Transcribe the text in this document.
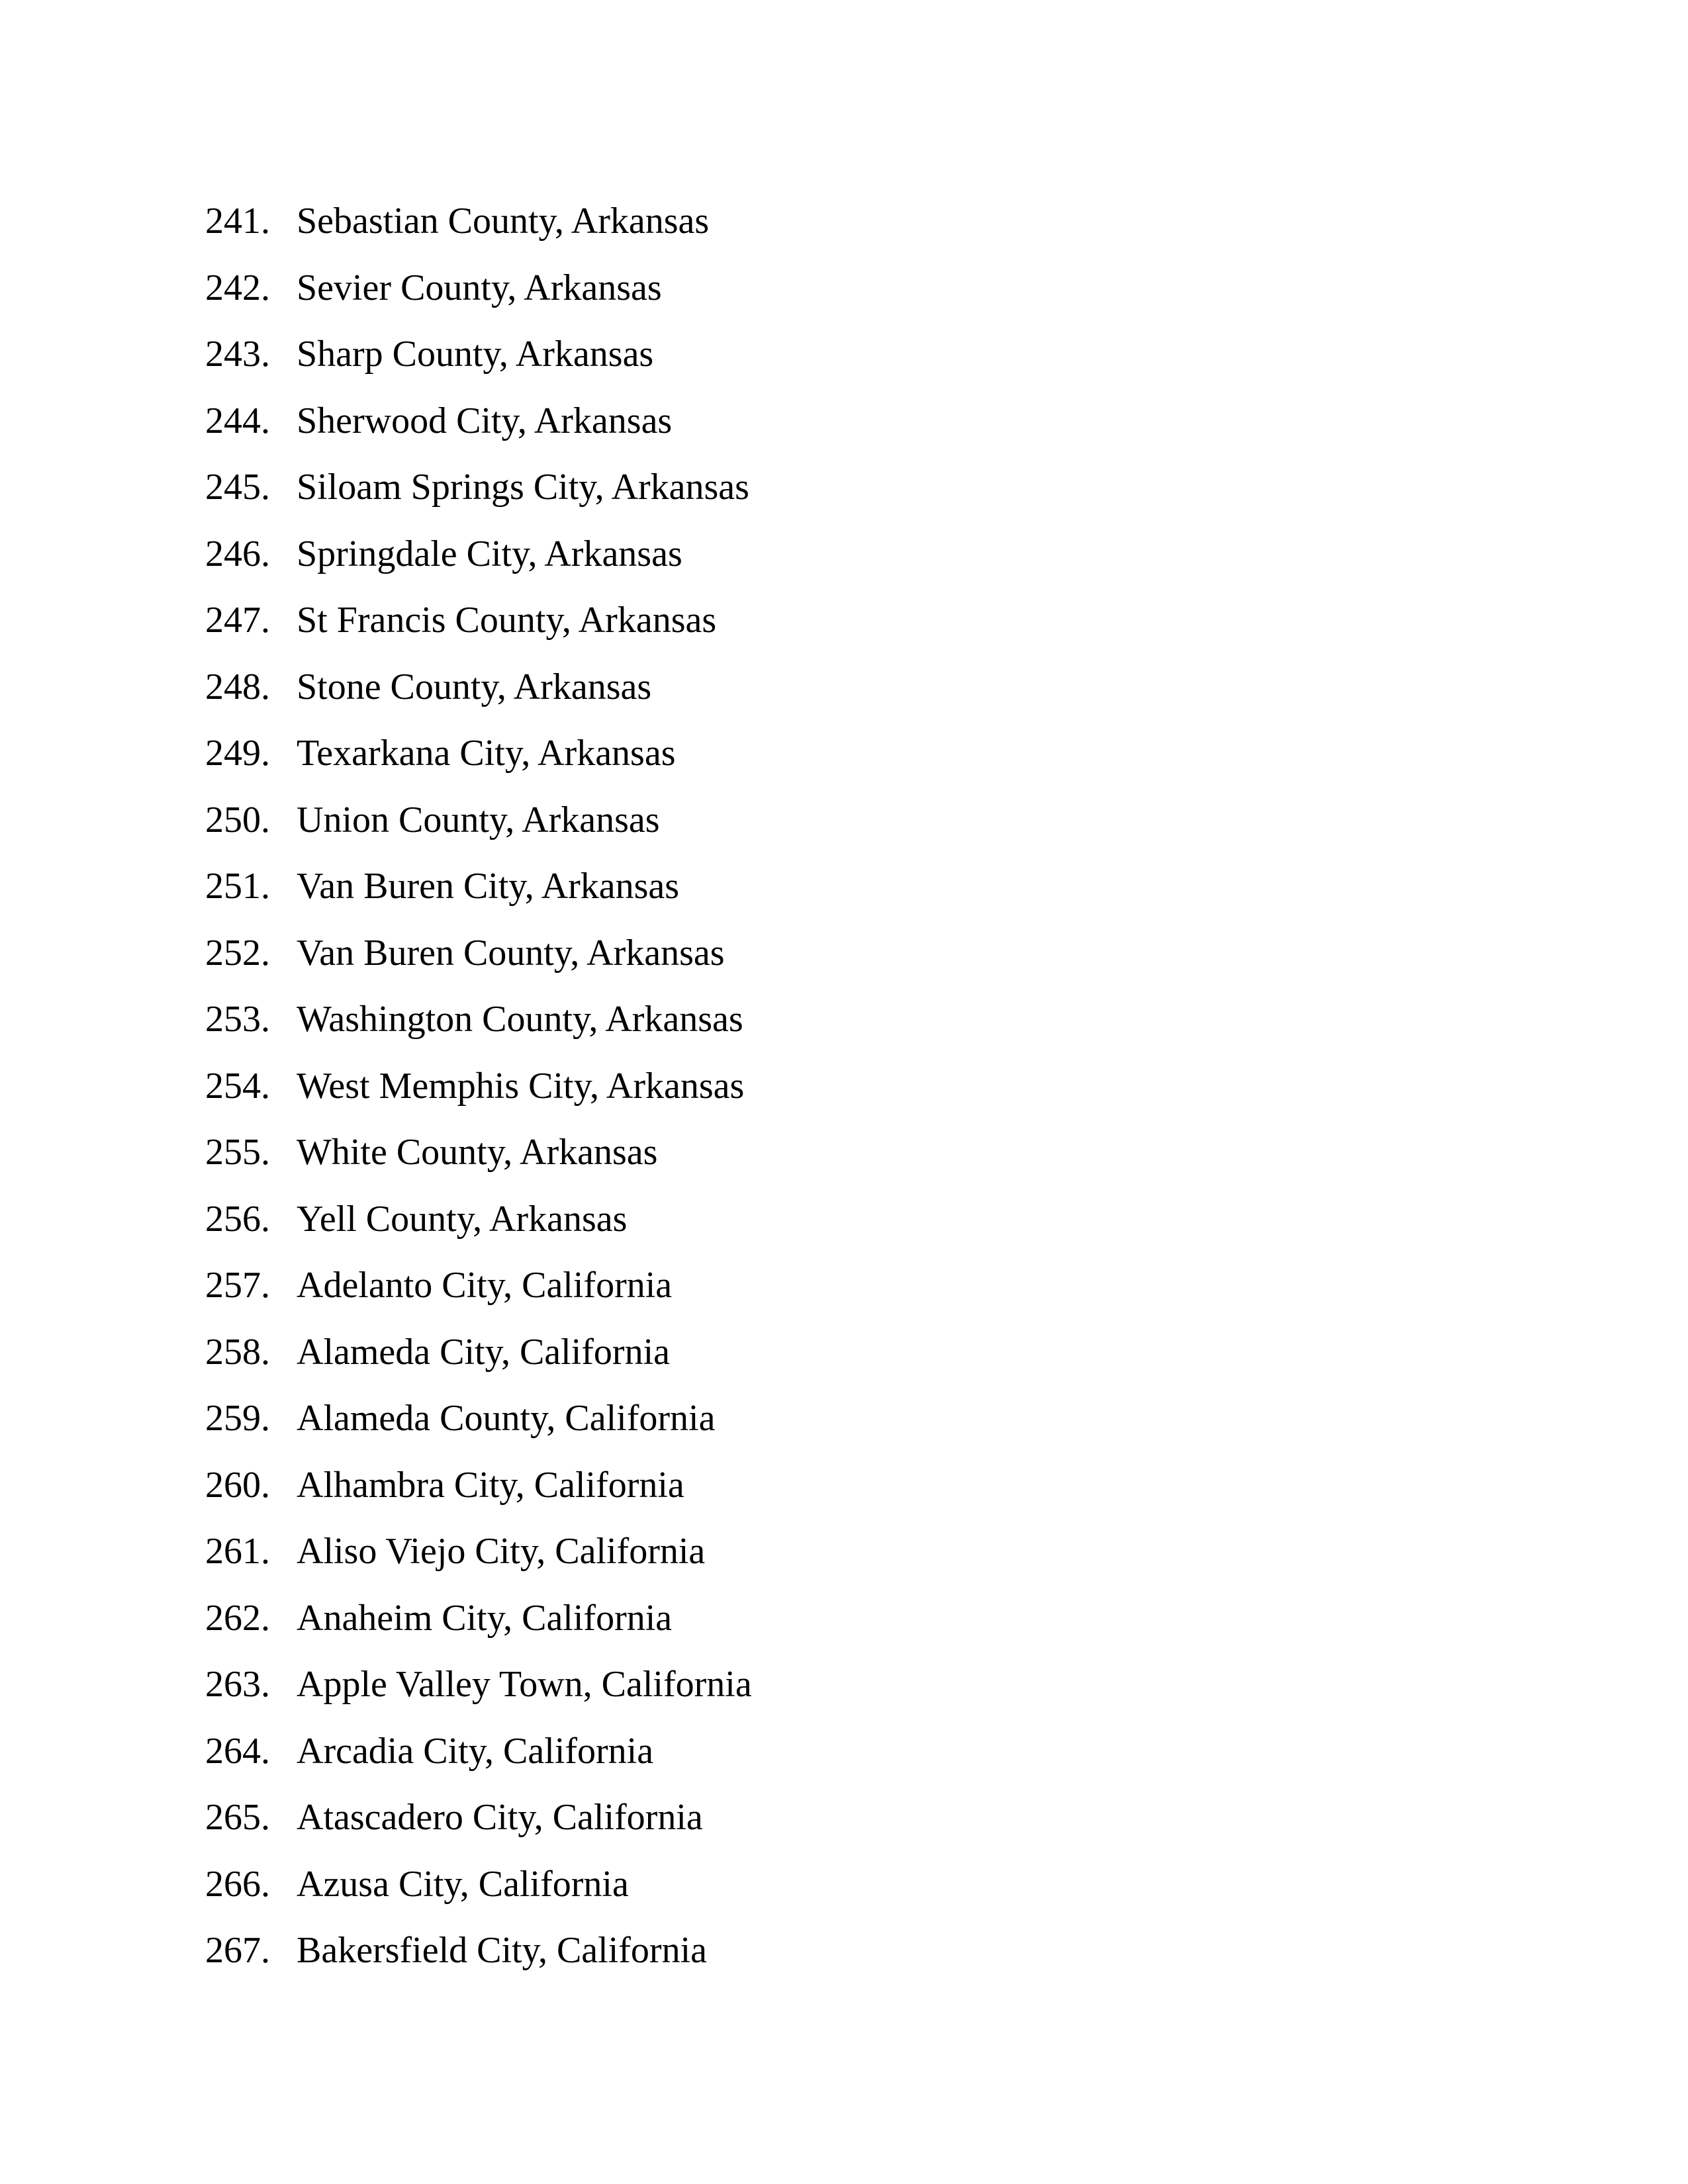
241. Sebastian County, Arkansas
242. Sevier County, Arkansas
243. Sharp County, Arkansas
244. Sherwood City, Arkansas
245. Siloam Springs City, Arkansas
246. Springdale City, Arkansas
247. St Francis County, Arkansas
248. Stone County, Arkansas
249. Texarkana City, Arkansas
250. Union County, Arkansas
251. Van Buren City, Arkansas
252. Van Buren County, Arkansas
253. Washington County, Arkansas
254. West Memphis City, Arkansas
255. White County, Arkansas
256. Yell County, Arkansas
257. Adelanto City, California
258. Alameda City, California
259. Alameda County, California
260. Alhambra City, California
261. Aliso Viejo City, California
262. Anaheim City, California
263. Apple Valley Town, California
264. Arcadia City, California
265. Atascadero City, California
266. Azusa City, California
267. Bakersfield City, California
